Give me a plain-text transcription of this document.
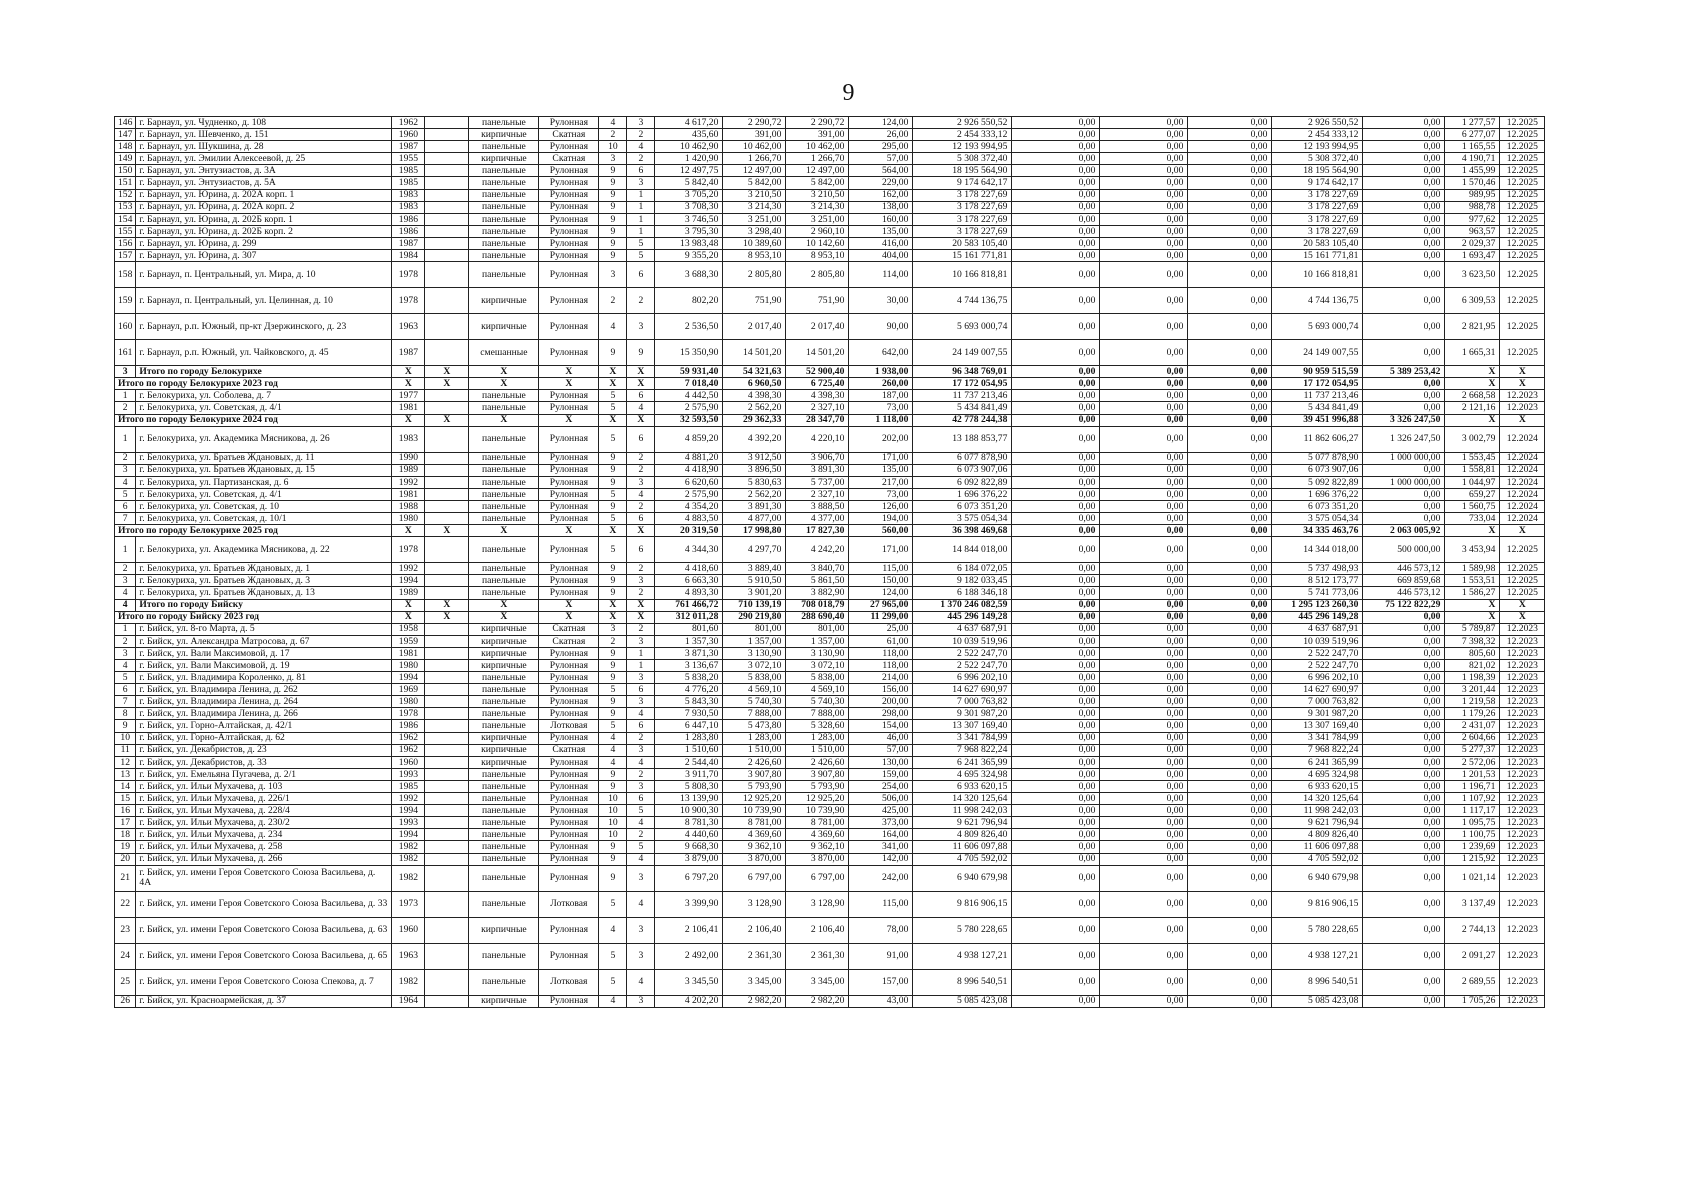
9
146	г. Барнаул, ул. Чудненко, д. 108	1962		панельные	Рулонная	4	3	4 617,20	2 290,72	2 290,72	124,00	2 926 550,52	0,00	0,00	0,00	2 926 550,52	0,00	1 277,57	12.2025
147	г. Барнаул, ул. Шевченко, д. 151	1960		кирпичные	Скатная	2	2	435,60	391,00	391,00	26,00	2 454 333,12	0,00	0,00	0,00	2 454 333,12	0,00	6 277,07	12.2025
148	г. Барнаул, ул. Шукшина, д. 28	1987		панельные	Рулонная	10	4	10 462,90	10 462,00	10 462,00	295,00	12 193 994,95	0,00	0,00	0,00	12 193 994,95	0,00	1 165,55	12.2025
149	г. Барнаул, ул. Эмилии Алексеевой, д. 25	1955		кирпичные	Скатная	3	2	1 420,90	1 266,70	1 266,70	57,00	5 308 372,40	0,00	0,00	0,00	5 308 372,40	0,00	4 190,71	12.2025
150	г. Барнаул, ул. Энтузиастов, д. 3А	1985		панельные	Рулонная	9	6	12 497,75	12 497,00	12 497,00	564,00	18 195 564,90	0,00	0,00	0,00	18 195 564,90	0,00	1 455,99	12.2025
151	г. Барнаул, ул. Энтузиастов, д. 5А	1985		панельные	Рулонная	9	3	5 842,40	5 842,00	5 842,00	229,00	9 174 642,17	0,00	0,00	0,00	9 174 642,17	0,00	1 570,46	12.2025
152	г. Барнаул, ул. Юрина, д. 202А корп. 1	1983		панельные	Рулонная	9	1	3 705,20	3 210,50	3 210,50	162,00	3 178 227,69	0,00	0,00	0,00	3 178 227,69	0,00	989,95	12.2025
153	г. Барнаул, ул. Юрина, д. 202А корп. 2	1983		панельные	Рулонная	9	1	3 708,30	3 214,30	3 214,30	138,00	3 178 227,69	0,00	0,00	0,00	3 178 227,69	0,00	988,78	12.2025
154	г. Барнаул, ул. Юрина, д. 202Б корп. 1	1986		панельные	Рулонная	9	1	3 746,50	3 251,00	3 251,00	160,00	3 178 227,69	0,00	0,00	0,00	3 178 227,69	0,00	977,62	12.2025
155	г. Барнаул, ул. Юрина, д. 202Б корп. 2	1986		панельные	Рулонная	9	1	3 795,30	3 298,40	2 960,10	135,00	3 178 227,69	0,00	0,00	0,00	3 178 227,69	0,00	963,57	12.2025
156	г. Барнаул, ул. Юрина, д. 299	1987		панельные	Рулонная	9	5	13 983,48	10 389,60	10 142,60	416,00	20 583 105,40	0,00	0,00	0,00	20 583 105,40	0,00	2 029,37	12.2025
157	г. Барнаул, ул. Юрина, д. 307	1984		панельные	Рулонная	9	5	9 355,20	8 953,10	8 953,10	404,00	15 161 771,81	0,00	0,00	0,00	15 161 771,81	0,00	1 693,47	12.2025
158	г. Барнаул, п. Центральный, ул. Мира, д. 10	1978		панельные	Рулонная	3	6	3 688,30	2 805,80	2 805,80	114,00	10 166 818,81	0,00	0,00	0,00	10 166 818,81	0,00	3 623,50	12.2025
159	г. Барнаул, п. Центральный, ул. Целинная, д. 10	1978		кирпичные	Рулонная	2	2	802,20	751,90	751,90	30,00	4 744 136,75	0,00	0,00	0,00	4 744 136,75	0,00	6 309,53	12.2025
160	г. Барнаул, р.п. Южный, пр-кт Дзержинского, д. 23	1963		кирпичные	Рулонная	4	3	2 536,50	2 017,40	2 017,40	90,00	5 693 000,74	0,00	0,00	0,00	5 693 000,74	0,00	2 821,95	12.2025
161	г. Барнаул, р.п. Южный, ул. Чайковского, д. 45	1987		смешанные	Рулонная	9	9	15 350,90	14 501,20	14 501,20	642,00	24 149 007,55	0,00	0,00	0,00	24 149 007,55	0,00	1 665,31	12.2025
3	Итого по городу Белокурихе	X	X	X	X	X	X	59 931,40	54 321,63	52 900,40	1 938,00	96 348 769,01	0,00	0,00	0,00	90 959 515,59	5 389 253,42	X	X
Итого по городу Белокурихе 2023 год		X	X	X	X	X	X	7 018,40	6 960,50	6 725,40	260,00	17 172 054,95	0,00	0,00	0,00	17 172 054,95	0,00	X	X
1	г. Белокуриха, ул. Соболева, д. 7	1977		панельные	Рулонная	5	6	4 442,50	4 398,30	4 398,30	187,00	11 737 213,46	0,00	0,00	0,00	11 737 213,46	0,00	2 668,58	12.2023
2	г. Белокуриха, ул. Советская, д. 4/1	1981		панельные	Рулонная	5	4	2 575,90	2 562,20	2 327,10	73,00	5 434 841,49	0,00	0,00	0,00	5 434 841,49	0,00	2 121,16	12.2023
Итого по городу Белокурихе 2024 год		X	X	X	X	X	X	32 593,50	29 362,33	28 347,70	1 118,00	42 778 244,38	0,00	0,00	0,00	39 451 996,88	3 326 247,50	X	X
1	г. Белокуриха, ул. Академика Мясникова, д. 26	1983		панельные	Рулонная	5	6	4 859,20	4 392,20	4 220,10	202,00	13 188 853,77	0,00	0,00	0,00	11 862 606,27	1 326 247,50	3 002,79	12.2024
2	г. Белокуриха, ул. Братьев Ждановых, д. 11	1990		панельные	Рулонная	9	2	4 881,20	3 912,50	3 906,70	171,00	6 077 878,90	0,00	0,00	0,00	5 077 878,90	1 000 000,00	1 553,45	12.2024
3	г. Белокуриха, ул. Братьев Ждановых, д. 15	1989		панельные	Рулонная	9	2	4 418,90	3 896,50	3 891,30	135,00	6 073 907,06	0,00	0,00	0,00	6 073 907,06	0,00	1 558,81	12.2024
4	г. Белокуриха, ул. Партизанская, д. 6	1992		панельные	Рулонная	9	3	6 620,60	5 830,63	5 737,00	217,00	6 092 822,89	0,00	0,00	0,00	5 092 822,89	1 000 000,00	1 044,97	12.2024
5	г. Белокуриха, ул. Советская, д. 4/1	1981		панельные	Рулонная	5	4	2 575,90	2 562,20	2 327,10	73,00	1 696 376,22	0,00	0,00	0,00	1 696 376,22	0,00	659,27	12.2024
6	г. Белокуриха, ул. Советская, д. 10	1988		панельные	Рулонная	9	2	4 354,20	3 891,30	3 888,50	126,00	6 073 351,20	0,00	0,00	0,00	6 073 351,20	0,00	1 560,75	12.2024
7	г. Белокуриха, ул. Советская, д. 10/1	1980		панельные	Рулонная	5	6	4 883,50	4 877,00	4 377,00	194,00	3 575 054,34	0,00	0,00	0,00	3 575 054,34	0,00	733,04	12.2024
Итого по городу Белокурихе 2025 год		X	X	X	X	X	X	20 319,50	17 998,80	17 827,30	560,00	36 398 469,68	0,00	0,00	0,00	34 335 463,76	2 063 005,92	X	X
1	г. Белокуриха, ул. Академика Мясникова, д. 22	1978		панельные	Рулонная	5	6	4 344,30	4 297,70	4 242,20	171,00	14 844 018,00	0,00	0,00	0,00	14 344 018,00	500 000,00	3 453,94	12.2025
2	г. Белокуриха, ул. Братьев Ждановых, д. 1	1992		панельные	Рулонная	9	2	4 418,60	3 889,40	3 840,70	115,00	6 184 072,05	0,00	0,00	0,00	5 737 498,93	446 573,12	1 589,98	12.2025
3	г. Белокуриха, ул. Братьев Ждановых, д. 3	1994		панельные	Рулонная	9	3	6 663,30	5 910,50	5 861,50	150,00	9 182 033,45	0,00	0,00	0,00	8 512 173,77	669 859,68	1 553,51	12.2025
4	г. Белокуриха, ул. Братьев Ждановых, д. 13	1989		панельные	Рулонная	9	2	4 893,30	3 901,20	3 882,90	124,00	6 188 346,18	0,00	0,00	0,00	5 741 773,06	446 573,12	1 586,27	12.2025
4	Итого по городу Бийску	X	X	X	X	X	X	761 466,72	710 139,19	708 018,79	27 965,00	1 370 246 082,59	0,00	0,00	0,00	1 295 123 260,30	75 122 822,29	X	X
Итого по городу Бийску 2023 год		X	X	X	X	X	X	312 011,28	290 219,80	288 690,40	11 299,00	445 296 149,28	0,00	0,00	0,00	445 296 149,28	0,00	X	X
1	г. Бийск, ул. 8-го Марта, д. 5	1958		кирпичные	Скатная	3	2	801,60	801,00	801,00	25,00	4 637 687,91	0,00	0,00	0,00	4 637 687,91	0,00	5 789,87	12.2023
2	г. Бийск, ул. Александра Матросова, д. 67	1959		кирпичные	Скатная	2	3	1 357,30	1 357,00	1 357,00	61,00	10 039 519,96	0,00	0,00	0,00	10 039 519,96	0,00	7 398,32	12.2023
3	г. Бийск, ул. Вали Максимовой, д. 17	1981		кирпичные	Рулонная	9	1	3 871,30	3 130,90	3 130,90	118,00	2 522 247,70	0,00	0,00	0,00	2 522 247,70	0,00	805,60	12.2023
4	г. Бийск, ул. Вали Максимовой, д. 19	1980		кирпичные	Рулонная	9	1	3 136,67	3 072,10	3 072,10	118,00	2 522 247,70	0,00	0,00	0,00	2 522 247,70	0,00	821,02	12.2023
5	г. Бийск, ул. Владимира Короленко, д. 81	1994		панельные	Рулонная	9	3	5 838,20	5 838,00	5 838,00	214,00	6 996 202,10	0,00	0,00	0,00	6 996 202,10	0,00	1 198,39	12.2023
6	г. Бийск, ул. Владимира Ленина, д. 262	1969		панельные	Рулонная	5	6	4 776,20	4 569,10	4 569,10	156,00	14 627 690,97	0,00	0,00	0,00	14 627 690,97	0,00	3 201,44	12.2023
7	г. Бийск, ул. Владимира Ленина, д. 264	1980		панельные	Рулонная	9	3	5 843,30	5 740,30	5 740,30	200,00	7 000 763,82	0,00	0,00	0,00	7 000 763,82	0,00	1 219,58	12.2023
8	г. Бийск, ул. Владимира Ленина, д. 266	1978		панельные	Рулонная	9	4	7 930,50	7 888,00	7 888,00	298,00	9 301 987,20	0,00	0,00	0,00	9 301 987,20	0,00	1 179,26	12.2023
9	г. Бийск, ул. Горно-Алтайская, д. 42/1	1986		панельные	Лотковая	5	6	6 447,10	5 473,80	5 328,60	154,00	13 307 169,40	0,00	0,00	0,00	13 307 169,40	0,00	2 431,07	12.2023
10	г. Бийск, ул. Горно-Алтайская, д. 62	1962		кирпичные	Рулонная	4	2	1 283,80	1 283,00	1 283,00	46,00	3 341 784,99	0,00	0,00	0,00	3 341 784,99	0,00	2 604,66	12.2023
11	г. Бийск, ул. Декабристов, д. 23	1962		кирпичные	Скатная	4	3	1 510,60	1 510,00	1 510,00	57,00	7 968 822,24	0,00	0,00	0,00	7 968 822,24	0,00	5 277,37	12.2023
12	г. Бийск, ул. Декабристов, д. 33	1960		кирпичные	Рулонная	4	4	2 544,40	2 426,60	2 426,60	130,00	6 241 365,99	0,00	0,00	0,00	6 241 365,99	0,00	2 572,06	12.2023
13	г. Бийск, ул. Емельяна Пугачева, д. 2/1	1993		панельные	Рулонная	9	2	3 911,70	3 907,80	3 907,80	159,00	4 695 324,98	0,00	0,00	0,00	4 695 324,98	0,00	1 201,53	12.2023
14	г. Бийск, ул. Ильи Мухачева, д. 103	1985		панельные	Рулонная	9	3	5 808,30	5 793,90	5 793,90	254,00	6 933 620,15	0,00	0,00	0,00	6 933 620,15	0,00	1 196,71	12.2023
15	г. Бийск, ул. Ильи Мухачева, д. 226/1	1992		панельные	Рулонная	10	6	13 139,90	12 925,20	12 925,20	506,00	14 320 125,64	0,00	0,00	0,00	14 320 125,64	0,00	1 107,92	12.2023
16	г. Бийск, ул. Ильи Мухачева, д. 228/4	1994		панельные	Рулонная	10	5	10 900,30	10 739,90	10 739,90	425,00	11 998 242,03	0,00	0,00	0,00	11 998 242,03	0,00	1 117,17	12.2023
17	г. Бийск, ул. Ильи Мухачева, д. 230/2	1993		панельные	Рулонная	10	4	8 781,30	8 781,00	8 781,00	373,00	9 621 796,94	0,00	0,00	0,00	9 621 796,94	0,00	1 095,75	12.2023
18	г. Бийск, ул. Ильи Мухачева, д. 234	1994		панельные	Рулонная	10	2	4 440,60	4 369,60	4 369,60	164,00	4 809 826,40	0,00	0,00	0,00	4 809 826,40	0,00	1 100,75	12.2023
19	г. Бийск, ул. Ильи Мухачева, д. 258	1982		панельные	Рулонная	9	5	9 668,30	9 362,10	9 362,10	341,00	11 606 097,88	0,00	0,00	0,00	11 606 097,88	0,00	1 239,69	12.2023
20	г. Бийск, ул. Ильи Мухачева, д. 266	1982		панельные	Рулонная	9	4	3 879,00	3 870,00	3 870,00	142,00	4 705 592,02	0,00	0,00	0,00	4 705 592,02	0,00	1 215,92	12.2023
21	г. Бийск, ул. имени Героя Советского Союза Васильева, д. 4А	1982		панельные	Рулонная	9	3	6 797,20	6 797,00	6 797,00	242,00	6 940 679,98	0,00	0,00	0,00	6 940 679,98	0,00	1 021,14	12.2023
22	г. Бийск, ул. имени Героя Советского Союза Васильева, д. 33	1973		панельные	Лотковая	5	4	3 399,90	3 128,90	3 128,90	115,00	9 816 906,15	0,00	0,00	0,00	9 816 906,15	0,00	3 137,49	12.2023
23	г. Бийск, ул. имени Героя Советского Союза Васильева, д. 63	1960		кирпичные	Рулонная	4	3	2 106,41	2 106,40	2 106,40	78,00	5 780 228,65	0,00	0,00	0,00	5 780 228,65	0,00	2 744,13	12.2023
24	г. Бийск, ул. имени Героя Советского Союза Васильева, д. 65	1963		панельные	Рулонная	5	3	2 492,00	2 361,30	2 361,30	91,00	4 938 127,21	0,00	0,00	0,00	4 938 127,21	0,00	2 091,27	12.2023
25	г. Бийск, ул. имени Героя Советского Союза Спекова, д. 7	1982		панельные	Лотковая	5	4	3 345,50	3 345,00	3 345,00	157,00	8 996 540,51	0,00	0,00	0,00	8 996 540,51	0,00	2 689,55	12.2023
26	г. Бийск, ул. Красноармейская, д. 37	1964		кирпичные	Рулонная	4	3	4 202,20	2 982,20	2 982,20	43,00	5 085 423,08	0,00	0,00	0,00	5 085 423,08	0,00	1 705,26	12.2023
